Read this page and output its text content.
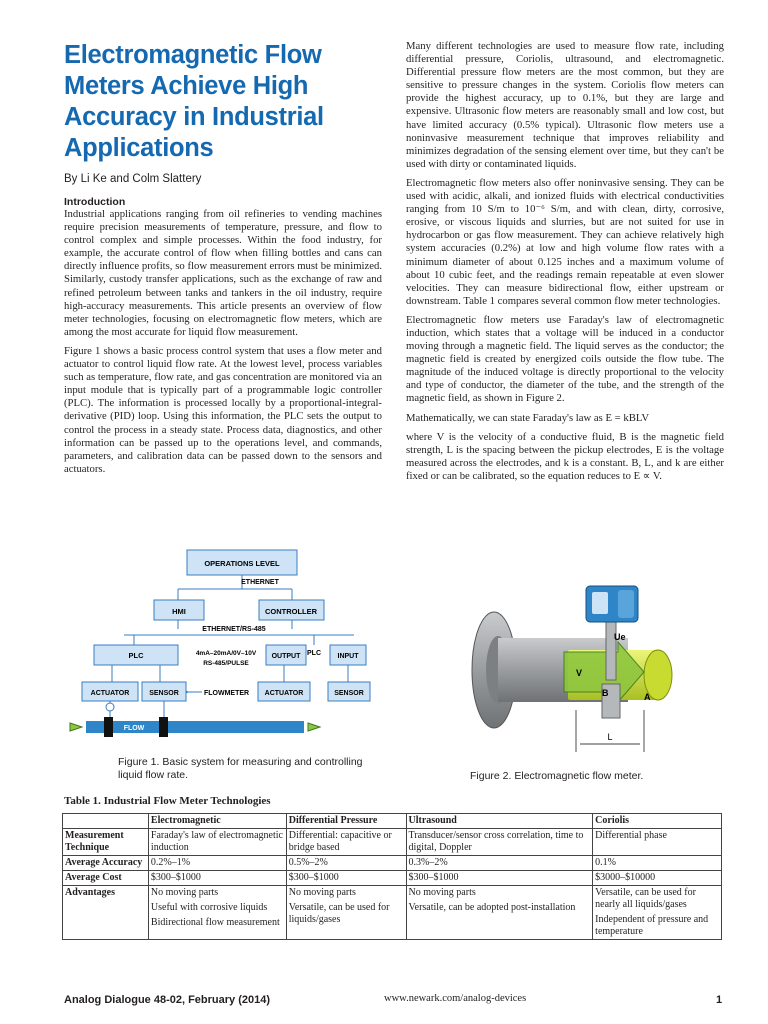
Electromagnetic Flow Meters Achieve High Accuracy in Industrial Applications
By Li Ke and Colm Slattery
Introduction

Industrial applications ranging from oil refineries to vending machines require precision measurements of temperature, pressure, and flow to control complex and simple processes. Within the food industry, for example, the accurate control of flow when filling bottles and cans can directly influence profits, so flow measurement errors must be minimized. Similarly, custody transfer applications, such as the exchange of raw and refined petroleum between tanks and tankers in the oil industry, require high-accuracy measurements. This article presents an overview of flow meter technologies, focusing on electromagnetic flow meters, which are among the most accurate for liquid flow measurement.

Figure 1 shows a basic process control system that uses a flow meter and actuator to control liquid flow rate. At the lowest level, process variables such as temperature, flow rate, and gas concentration are monitored via an input module that is typically part of a programmable logic controller (PLC). The information is processed locally by a proportional-integral-derivative (PID) loop. Using this information, the PLC sets the output to control the process in a steady state. Process data, diagnostics, and other information can be passed up to the operations level, and commands, parameters, and calibration data can be passed down to the sensors and actuators.

Many different technologies are used to measure flow rate, including differential pressure, Coriolis, ultrasound, and electromagnetic. Differential pressure flow meters are the most common, but they are sensitive to pressure changes in the system. Coriolis flow meters can provide the highest accuracy, up to 0.1%, but they are large and expensive. Ultrasonic flow meters are reasonably small and low cost, but have limited accuracy (0.5% typical). Ultrasonic flow meters use a noninvasive measurement technique that improves reliability and minimizes degradation of the sensing element over time, but they can't be used with dirty or contaminated liquids.

Electromagnetic flow meters also offer noninvasive sensing. They can be used with acidic, alkali, and ionized fluids with electrical conductivities ranging from 10 S/m to 10⁻⁶ S/m, and with clean, dirty, corrosive, erosive, or viscous liquids and slurries, but are not suited for use in hydrocarbon or gas flow measurement. They can achieve relatively high system accuracies (0.2%) at low and high volume flow rates with a minimum diameter of about 0.125 inches and a maximum volume of about 10 cubic feet, and the readings remain repeatable at even slower velocities. They can measure bidirectional flow, either upstream or downstream. Table 1 compares several common flow meter technologies.

Electromagnetic flow meters use Faraday's law of electromagnetic induction, which states that a voltage will be induced in a conductor moving through a magnetic field. The liquid serves as the conductor; the magnetic field is created by energized coils outside the flow tube. The magnitude of the induced voltage is directly proportional to the velocity and type of conductor, the diameter of the tube, and the strength of the magnetic field, as shown in Figure 2.

Mathematically, we can state Faraday's law as E = kBLV

where V is the velocity of a conductive fluid, B is the magnetic field strength, L is the spacing between the pickup electrodes, E is the voltage measured across the electrodes, and k is a constant. B, L, and k are either fixed or can be calibrated, so the equation reduces to E ∝ V.

OPERATIONS LEVEL
ETHERNET
HMI	CONTROLLER
ETHERNET/RS-485
PLC	4mA–20mA/0V–10V
RS-485/PULSE
OUTPUT PLC INPUT
ACTUATOR	SENSOR	FLOWMETER ACTUATOR	SENSOR
FLOW
Figure 1. Basic system for measuring and controlling liquid flow rate.
L
Ue
V
B	A
Figure 2. Electromagnetic flow meter.
Table 1. Industrial Flow Meter Technologies
	Electromagnetic	Differential Pressure	Ultrasound	Coriolis
Measurement Technique	Faraday's law of electromagnetic induction	Differential: capacitive or bridge based	Transducer/sensor cross correlation, time to digital, Doppler	Differential phase

Average Accuracy	0.2%–1%	0.5%–2%	0.3%–2%	0.1%

Average Cost	$300–$1000	$300–$1000	$300–$1000	$3000–$10000

Advantages	No moving parts
Useful with corrosive liquids
Bidirectional flow measurement	No moving parts
Versatile, can be used for liquids/gases	No moving parts
Versatile, can be adopted post-installation	Versatile, can be used for nearly all liquids/gases
Independent of pressure and temperature
Analog Dialogue 48-02, February (2014)	www.newark.com/analog-devices	1
